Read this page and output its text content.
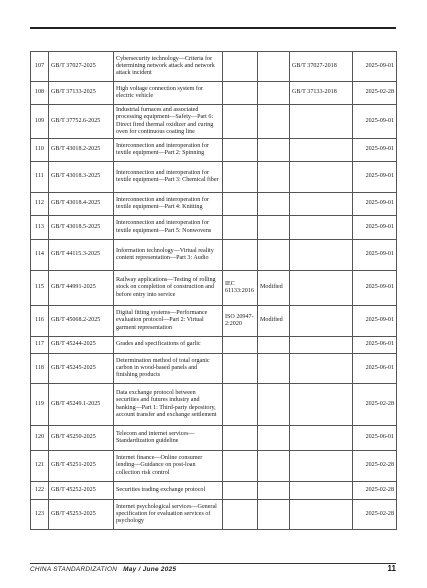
107	GB/T 37027-2025	Cybersecurity technology—Criteria for determining network attack and network attack incident			GB/T 37027-2018	2025-09-01
108	GB/T 37133-2025	High voltage connection system for electric vehicle			GB/T 37133-2018	2025-02-28
109	GB/T 37752.6-2025	Industrial furnaces and associated processing equipment—Safety—Part 6: Direct fired thermal oxidizer and curing oven for continuous coating line				2025-09-01
110	GB/T 43018.2-2025	Interconnection and interoperation for textile equipment—Part 2: Spinning				2025-09-01
111	GB/T 43018.3-2025	Interconnection and interoperation for textile equipment—Part 3: Chemical fiber				2025-09-01
112	GB/T 43018.4-2025	Interconnection and interoperation for textile equipment—Part 4: Knitting				2025-09-01
113	GB/T 43018.5-2025	Interconnection and interoperation for textile equipment—Part 5: Nonwovens				2025-09-01
114	GB/T 44115.3-2025	Information technology—Virtual reality content representation—Part 3: Audio				2025-09-01
115	GB/T 44991-2025	Railway applications—Testing of rolling stock on completion of construction and before entry into service	IEC 61133:2016	Modified		2025-09-01
116	GB/T 45068.2-2025	Digital fitting systems—Performance evaluation protocol—Part 2: Virtual garment representation	ISO 20947-2:2020	Modified		2025-09-01
117	GB/T 45244-2025	Grades and specifications of garlic				2025-06-01
118	GB/T 45245-2025	Determination method of total organic carbon in wood-based panels and finishing products				2025-06-01
119	GB/T 45249.1-2025	Data exchange protocol between securities and futures industry and banking—Part 1: Third-party depository, account transfer and exchange settlement				2025-02-28
120	GB/T 45250-2025	Telecom and internet services—Standardization guideline				2025-06-01
121	GB/T 45251-2025	Internet finance—Online consumer lending—Guidance on post-loan collection risk control				2025-02-28
122	GB/T 45252-2025	Securities trading exchange protocol				2025-02-28
123	GB/T 45253-2025	Internet psychological services—General specification for evaluation services of psychology				2025-02-28
CHINA STANDARDIZATION May / June 2025	11
